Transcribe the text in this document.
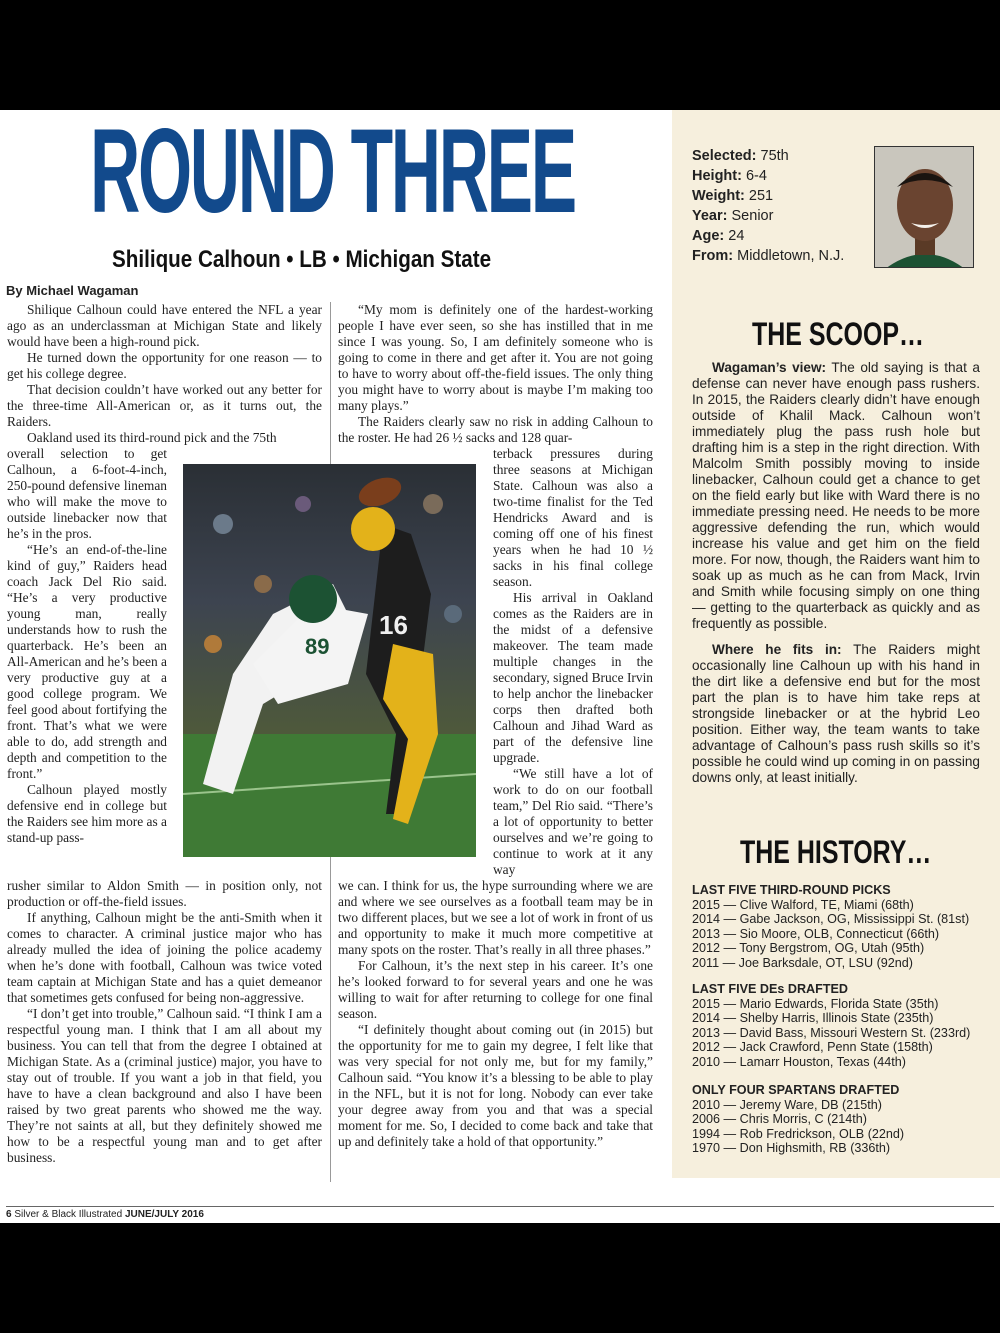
ROUND THREE
Shilique Calhoun • LB • Michigan State
By Michael Wagaman

Shilique Calhoun could have entered the NFL a year ago as an underclassman at Michigan State and likely would have been a high-round pick.

He turned down the opportunity for one reason — to get his college degree.

That decision couldn’t have worked out any better for the three-time All-American or, as it turns out, the Raiders.

Oakland used its third-round pick and the 75th

overall selection to get Calhoun, a 6-foot-4-inch, 250-pound defensive lineman who will make the move to outside linebacker now that he’s in the pros.

“He’s an end-of-the-line kind of guy,” Raiders head coach Jack Del Rio said. “He’s a very productive young man, really understands how to rush the quarterback. He’s been an All-American and he’s been a very productive guy at a good college program. We feel good about fortifying the front. That’s what we were able to do, add strength and depth and competition to the front.”

Calhoun played mostly defensive end in college but the Raiders see him more as a stand-up pass-

rusher similar to Aldon Smith — in position only, not production or off-the-field issues.

If anything, Calhoun might be the anti-Smith when it comes to character. A criminal justice major who has already mulled the idea of joining the police academy when he’s done with football, Calhoun was twice voted team captain at Michigan State and has a quiet demeanor that sometimes gets confused for being non-aggressive.

“I don’t get into trouble,” Calhoun said. “I think I am a respectful young man. I think that I am all about my business. You can tell that from the degree I obtained at Michigan State. As a (criminal justice) major, you have to stay out of trouble. If you want a job in that field, you have to have a clean background and also I have been raised by two great parents who showed me the way. They’re not saints at all, but they definitely showed me how to be a respectful young man and to get after business.

“My mom is definitely one of the hardest-working people I have ever seen, so she has instilled that in me since I was young. So, I am definitely someone who is going to come in there and get after it. You are not going to have to worry about off-the-field issues. The only thing you might have to worry about is maybe I’m making too many plays.”

The Raiders clearly saw no risk in adding Calhoun to the roster. He had 26 ½ sacks and 128 quar-

terback pressures during three seasons at Michigan State. Calhoun was also a two-time finalist for the Ted Hendricks Award and is coming off one of his finest years when he had 10 ½ sacks in his final college season.

His arrival in Oakland comes as the Raiders are in the midst of a defensive makeover. The team made multiple changes in the secondary, signed Bruce Irvin to help anchor the linebacker corps then drafted both Calhoun and Jihad Ward as part of the defensive line upgrade.

“We still have a lot of work to do on our football team,” Del Rio said. “There’s a lot of opportunity to better ourselves and we’re going to continue to work at it any way

we can. I think for us, the hype surrounding where we are and where we see ourselves as a football team may be in two different places, but we see a lot of work in front of us and opportunity to make it much more competitive at many spots on the roster. That’s really in all three phases.”

For Calhoun, it’s the next step in his career. It’s one he’s looked forward to for several years and one he was willing to wait for after returning to college for one final season.

“I definitely thought about coming out (in 2015) but the opportunity for me to gain my degree, I felt like that was very special for not only me, but for my family,” Calhoun said. “You know it’s a blessing to be able to play in the NFL, but it is not for long. Nobody can ever take your degree away from you and that was a special moment for me. So, I decided to come back and take that up and definitely take a hold of that opportunity.”

89
16
Selected: 75th
Height: 6-4
Weight: 251
Year: Senior
Age: 24
From: Middletown, N.J.
THE SCOOP…

Wagaman’s view: The old saying is that a defense can never have enough pass rushers. In 2015, the Raiders clearly didn’t have enough outside of Khalil Mack. Calhoun won’t immediately plug the pass rush hole but drafting him is a step in the right direction. With Malcolm Smith possibly moving to inside linebacker, Calhoun could get a chance to get on the field early but like with Ward there is no immediate pressing need. He needs to be more aggressive defending the run, which would increase his value and get him on the field more. For now, though, the Raiders want him to soak up as much as he can from Mack, Irvin and Smith while focusing simply on one thing — getting to the quarterback as quickly and as frequently as possible.

Where he fits in: The Raiders might occasionally line Calhoun up with his hand in the dirt like a defensive end but for the most part the plan is to have him take reps at strongside linebacker or at the hybrid Leo position. Either way, the team wants to take advantage of Calhoun’s pass rush skills so it’s possible he could wind up coming in on passing downs only, at least initially.

THE HISTORY…
LAST FIVE THIRD-ROUND PICKS
2015 — Clive Walford, TE, Miami (68th)
2014 — Gabe Jackson, OG, Mississippi St. (81st)
2013 — Sio Moore, OLB, Connecticut (66th)
2012 — Tony Bergstrom, OG, Utah (95th)
2011 — Joe Barksdale, OT, LSU (92nd)
LAST FIVE DEs DRAFTED
2015 — Mario Edwards, Florida State (35th)
2014 — Shelby Harris, Illinois State (235th)
2013 — David Bass, Missouri Western St. (233rd)
2012 — Jack Crawford, Penn State (158th)
2010 — Lamarr Houston, Texas (44th)
ONLY FOUR SPARTANS DRAFTED
2010 — Jeremy Ware, DB (215th)
2006 — Chris Morris, C (214th)
1994 — Rob Fredrickson, OLB (22nd)
1970 — Don Highsmith, RB (336th)
6 Silver & Black Illustrated JUNE/JULY 2016
